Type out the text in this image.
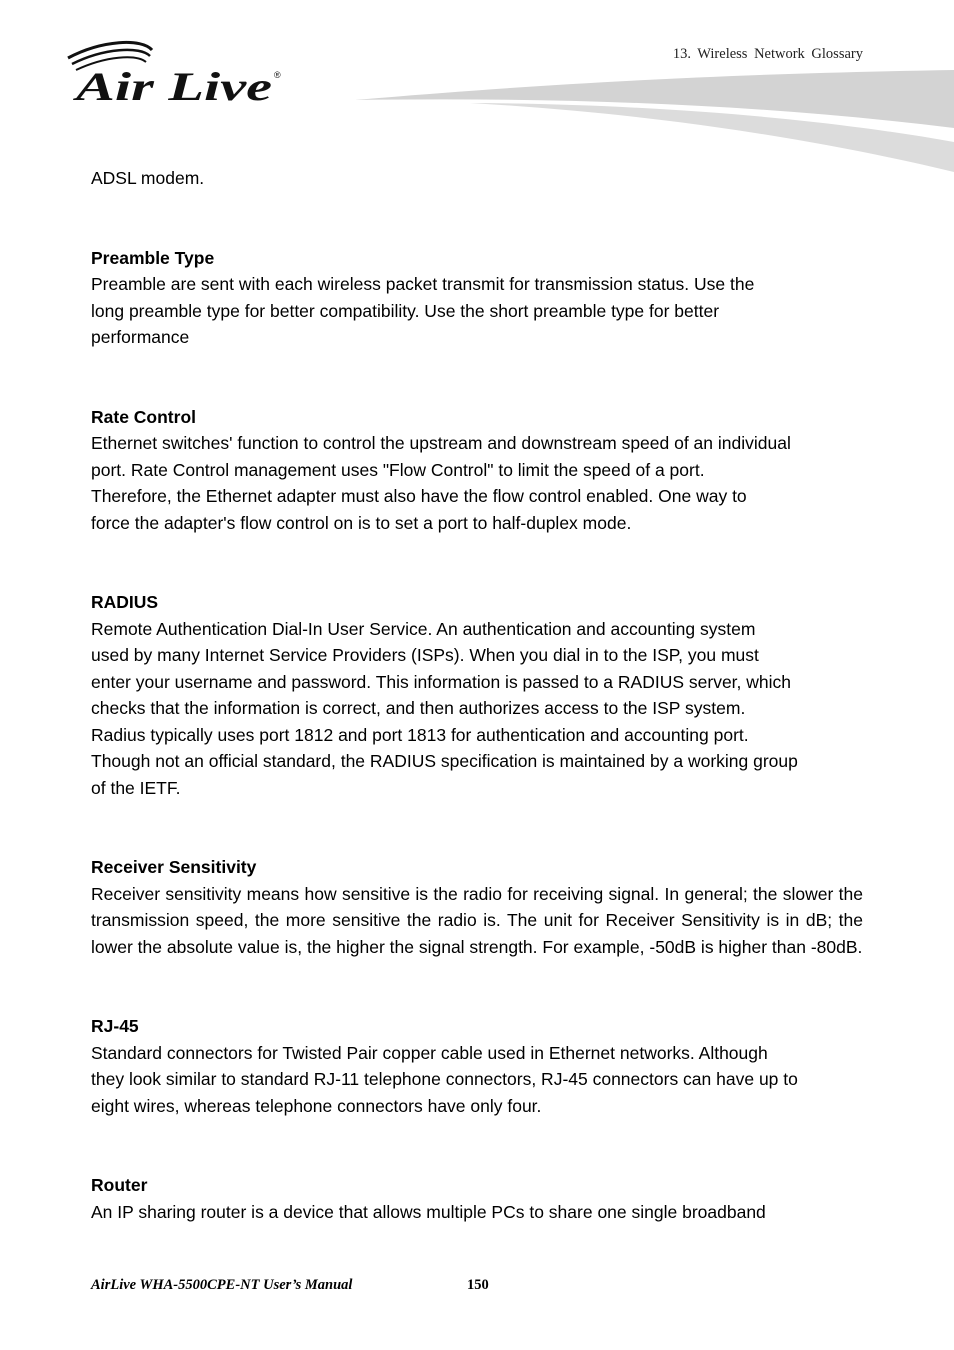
Air Live ®
13. Wireless Network Glossary

ADSL modem.

Preamble Type

Preamble are sent with each wireless packet transmit for transmission status. Use the
long preamble type for better compatibility. Use the short preamble type for better
performance

Rate Control

Ethernet switches' function to control the upstream and downstream speed of an individual
port. Rate Control management uses "Flow Control" to limit the speed of a port.
Therefore, the Ethernet adapter must also have the flow control enabled. One way to
force the adapter's flow control on is to set a port to half-duplex mode.

RADIUS

Remote Authentication Dial-In User Service. An authentication and accounting system
used by many Internet Service Providers (ISPs). When you dial in to the ISP, you must
enter your username and password. This information is passed to a RADIUS server, which
checks that the information is correct, and then authorizes access to the ISP system.
Radius typically uses port 1812 and port 1813 for authentication and accounting port.
Though not an official standard, the RADIUS specification is maintained by a working group
of the IETF.

Receiver Sensitivity

Receiver sensitivity means how sensitive is the radio for receiving signal. In general; the slower the transmission speed, the more sensitive the radio is. The unit for Receiver Sensitivity is in dB; the lower the absolute value is, the higher the signal strength. For example, -50dB is higher than -80dB.

RJ-45

Standard connectors for Twisted Pair copper cable used in Ethernet networks. Although
they look similar to standard RJ-11 telephone connectors, RJ-45 connectors can have up to
eight wires, whereas telephone connectors have only four.

Router

An IP sharing router is a device that allows multiple PCs to share one single broadband

AirLive WHA-5500CPE-NT User’s Manual	150
